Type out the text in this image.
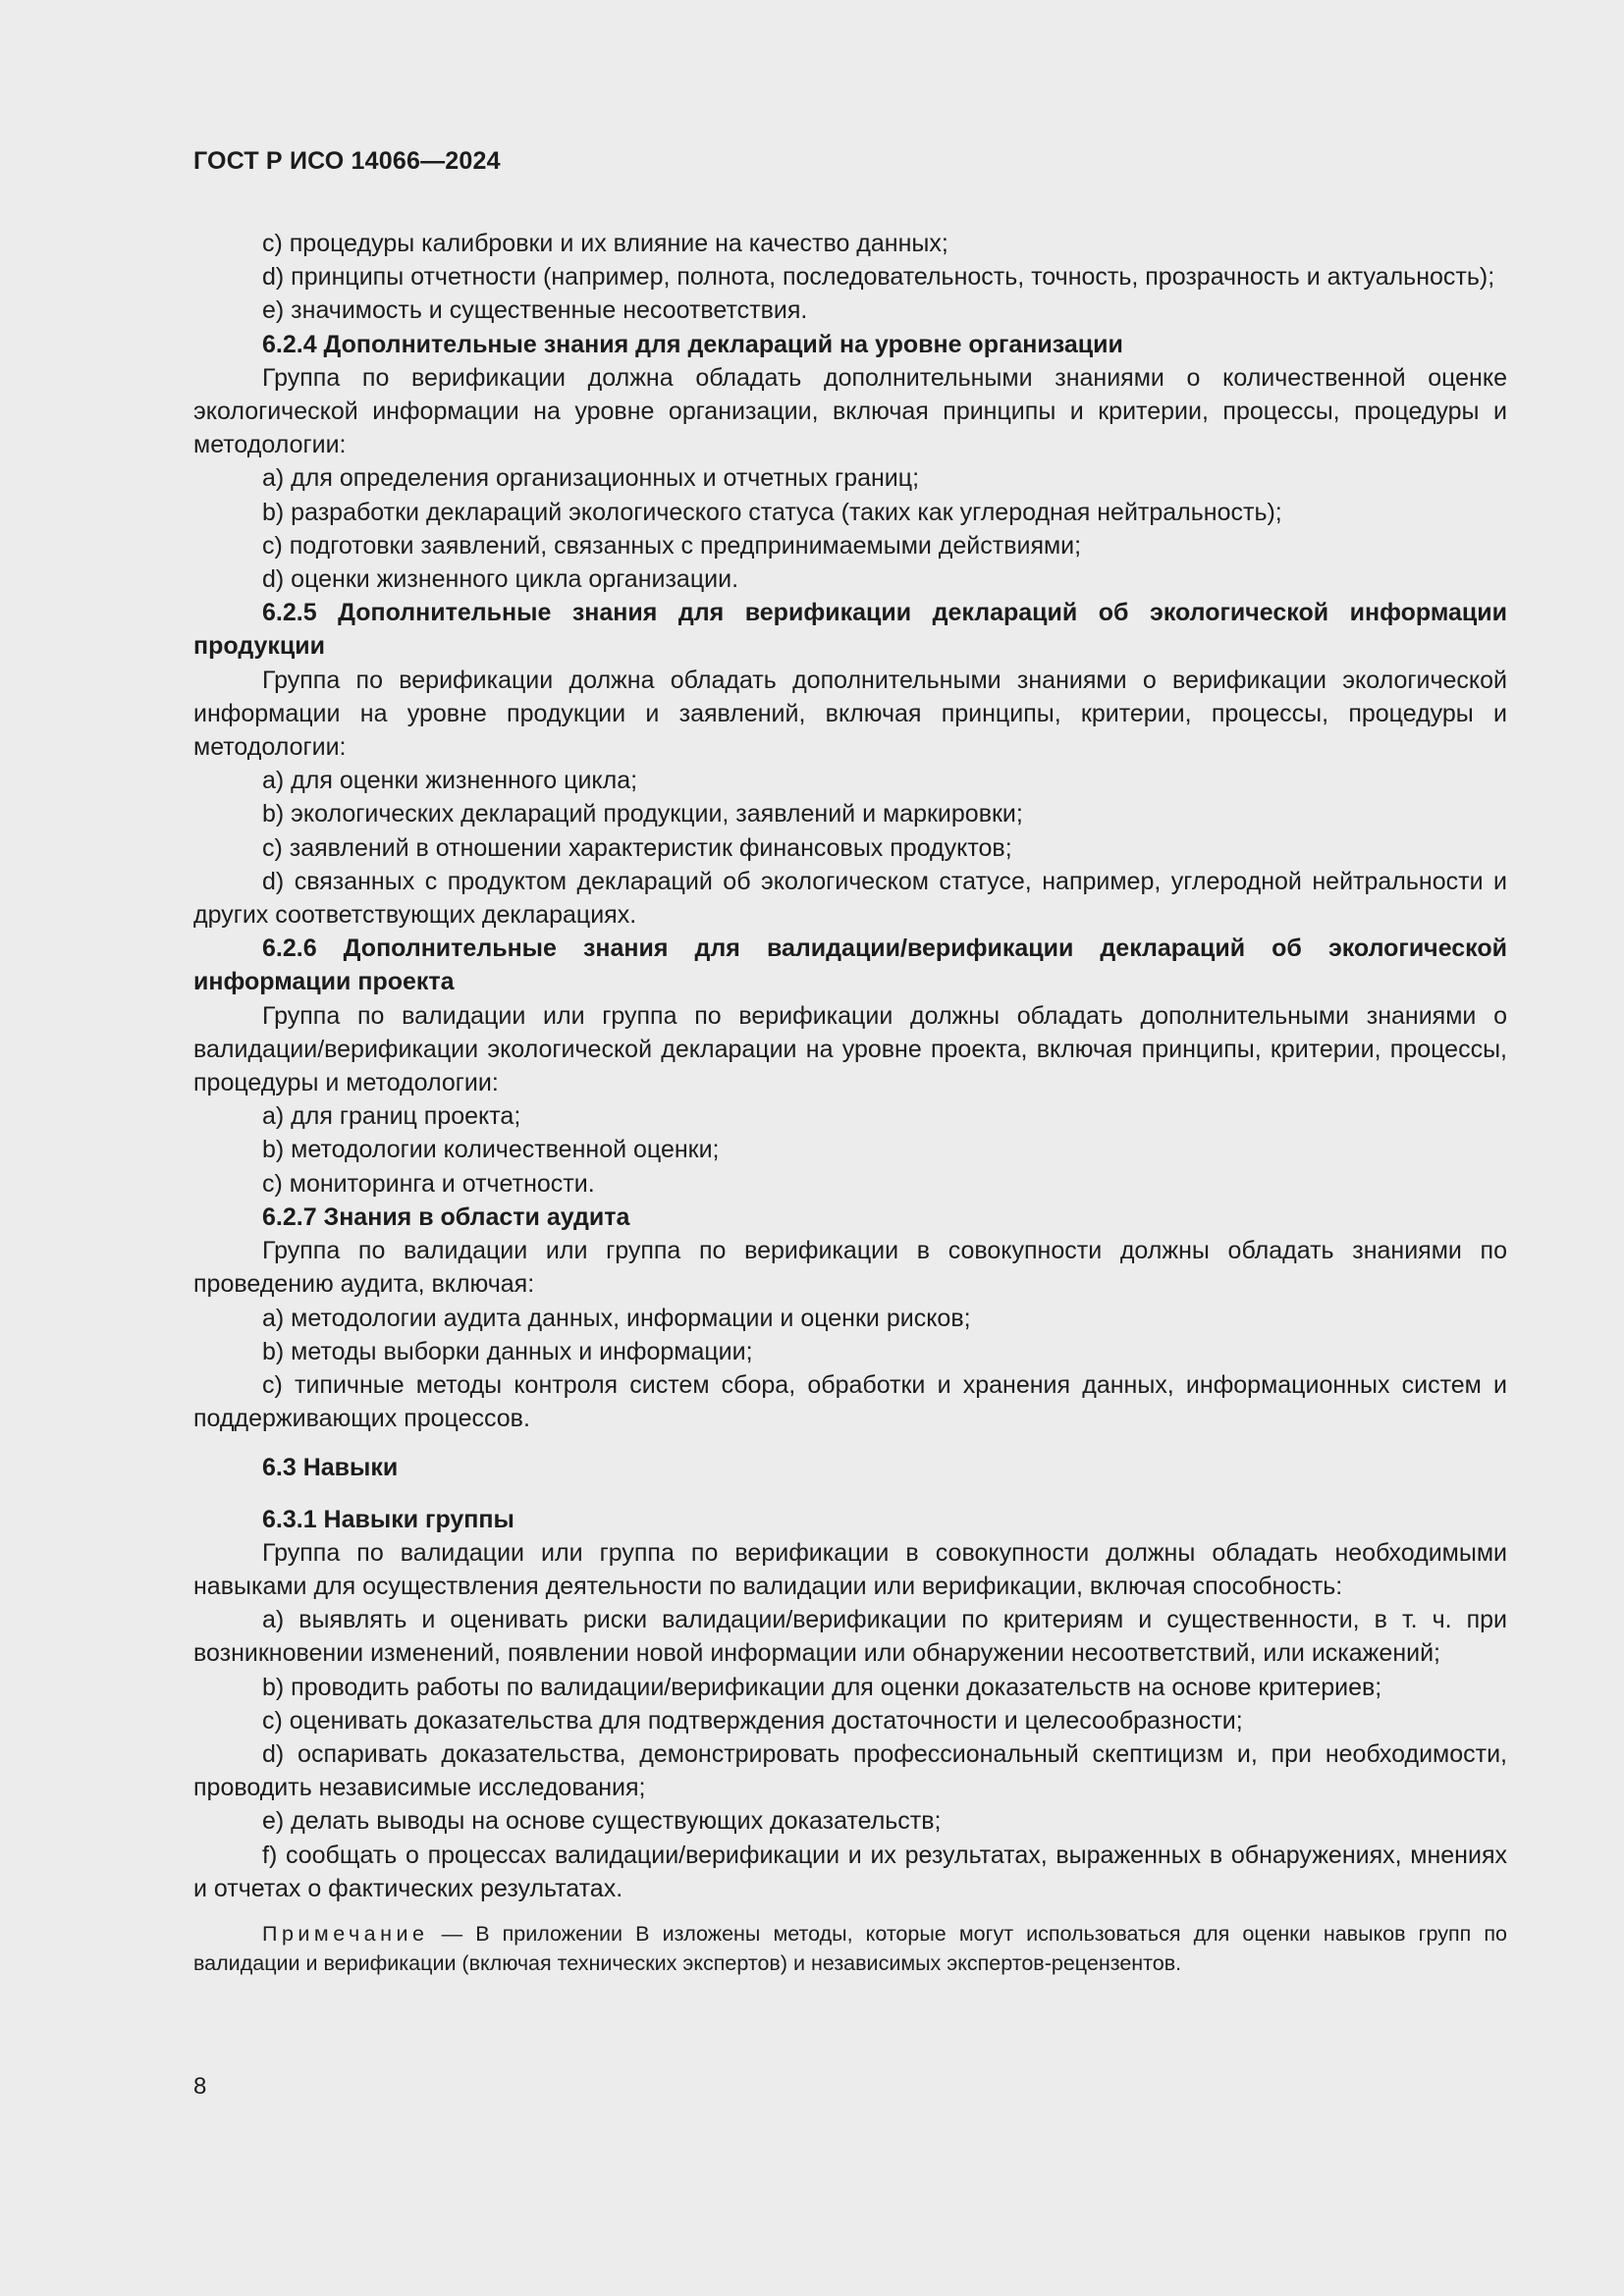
ГОСТ Р ИСО 14066—2024

c) процедуры калибровки и их влияние на качество данных;

d) принципы отчетности (например, полнота, последовательность, точность, прозрачность и актуальность);

e) значимость и существенные несоответствия.

6.2.4 Дополнительные знания для деклараций на уровне организации

Группа по верификации должна обладать дополнительными знаниями о количественной оценке экологической информации на уровне организации, включая принципы и критерии, процессы, процедуры и методологии:

a) для определения организационных и отчетных границ;

b) разработки деклараций экологического статуса (таких как углеродная нейтральность);

c) подготовки заявлений, связанных с предпринимаемыми действиями;

d) оценки жизненного цикла организации.

6.2.5 Дополнительные знания для верификации деклараций об экологической информации продукции

Группа по верификации должна обладать дополнительными знаниями о верификации экологической информации на уровне продукции и заявлений, включая принципы, критерии, процессы, процедуры и методологии:

a) для оценки жизненного цикла;

b) экологических деклараций продукции, заявлений и маркировки;

c) заявлений в отношении характеристик финансовых продуктов;

d) связанных с продуктом деклараций об экологическом статусе, например, углеродной нейтральности и других соответствующих декларациях.

6.2.6 Дополнительные знания для валидации/верификации деклараций об экологической информации проекта

Группа по валидации или группа по верификации должны обладать дополнительными знаниями о валидации/верификации экологической декларации на уровне проекта, включая принципы, критерии, процессы, процедуры и методологии:

a) для границ проекта;

b) методологии количественной оценки;

c) мониторинга и отчетности.

6.2.7 Знания в области аудита

Группа по валидации или группа по верификации в совокупности должны обладать знаниями по проведению аудита, включая:

a) методологии аудита данных, информации и оценки рисков;

b) методы выборки данных и информации;

c) типичные методы контроля систем сбора, обработки и хранения данных, информационных систем и поддерживающих процессов.

6.3 Навыки

6.3.1 Навыки группы

Группа по валидации или группа по верификации в совокупности должны обладать необходимыми навыками для осуществления деятельности по валидации или верификации, включая способность:

a) выявлять и оценивать риски валидации/верификации по критериям и существенности, в т. ч. при возникновении изменений, появлении новой информации или обнаружении несоответствий, или искажений;

b) проводить работы по валидации/верификации для оценки доказательств на основе критериев;

c) оценивать доказательства для подтверждения достаточности и целесообразности;

d) оспаривать доказательства, демонстрировать профессиональный скептицизм и, при необходимости, проводить независимые исследования;

e) делать выводы на основе существующих доказательств;

f) сообщать о процессах валидации/верификации и их результатах, выраженных в обнаружениях, мнениях и отчетах о фактических результатах.

Примечание — В приложении B изложены методы, которые могут использоваться для оценки навыков групп по валидации и верификации (включая технических экспертов) и независимых экспертов-рецензентов.

8
